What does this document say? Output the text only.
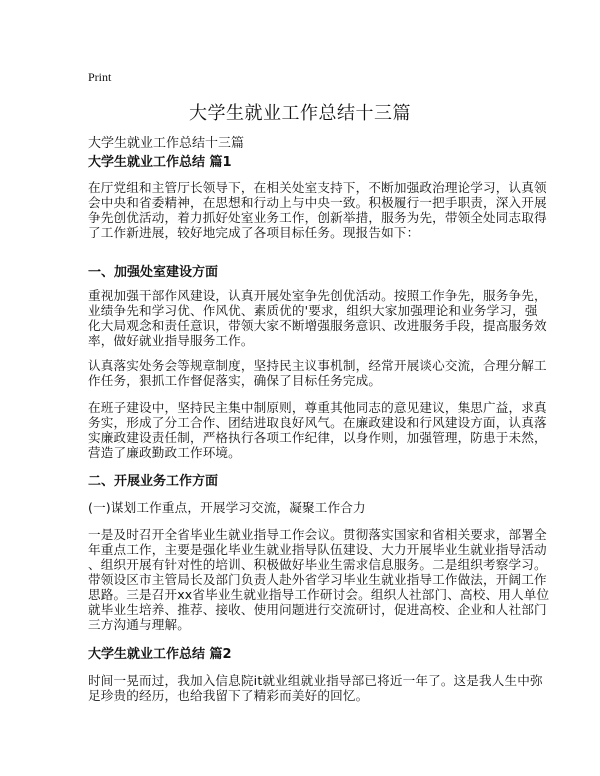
Print
大学生就业工作总结十三篇
大学生就业工作总结十三篇
大学生就业工作总结 篇1
在厅党组和主管厅长领导下，在相关处室支持下，不断加强政治理论学习，认真领
会中央和省委精神，在思想和行动上与中央一致。积极履行一把手职责，深入开展
争先创优活动，着力抓好处室业务工作，创新举措，服务为先，带领全处同志取得
了工作新进展，较好地完成了各项目标任务。现报告如下：
一、加强处室建设方面
重视加强干部作风建设，认真开展处室争先创优活动。按照工作争先，服务争先，
业绩争先和学习优、作风优、素质优的'要求，组织大家加强理论和业务学习，强
化大局观念和责任意识，带领大家不断增强服务意识、改进服务手段，提高服务效
率，做好就业指导服务工作。
认真落实处务会等规章制度，坚持民主议事机制，经常开展谈心交流，合理分解工
作任务，狠抓工作督促落实，确保了目标任务完成。
在班子建设中，坚持民主集中制原则，尊重其他同志的意见建议，集思广益，求真
务实，形成了分工合作、团结进取良好风气。在廉政建设和行风建设方面，认真落
实廉政建设责任制，严格执行各项工作纪律，以身作则，加强管理，防患于未然，
营造了廉政勤政工作环境。
二、开展业务工作方面
(一)谋划工作重点，开展学习交流，凝聚工作合力
一是及时召开全省毕业生就业指导工作会议。贯彻落实国家和省相关要求，部署全
年重点工作，主要是强化毕业生就业指导队伍建设、大力开展毕业生就业指导活动
、组织开展有针对性的培训、积极做好毕业生需求信息服务。二是组织考察学习。
带领设区市主管局长及部门负责人赴外省学习毕业生就业指导工作做法，开阔工作
思路。三是召开xx省毕业生就业指导工作研讨会。组织人社部门、高校、用人单位
就毕业生培养、推荐、接收、使用问题进行交流研讨，促进高校、企业和人社部门
三方沟通与理解。
大学生就业工作总结 篇2
时间一晃而过，我加入信息院it就业组就业指导部已将近一年了。这是我人生中弥
足珍贵的经历，也给我留下了精彩而美好的回忆。
